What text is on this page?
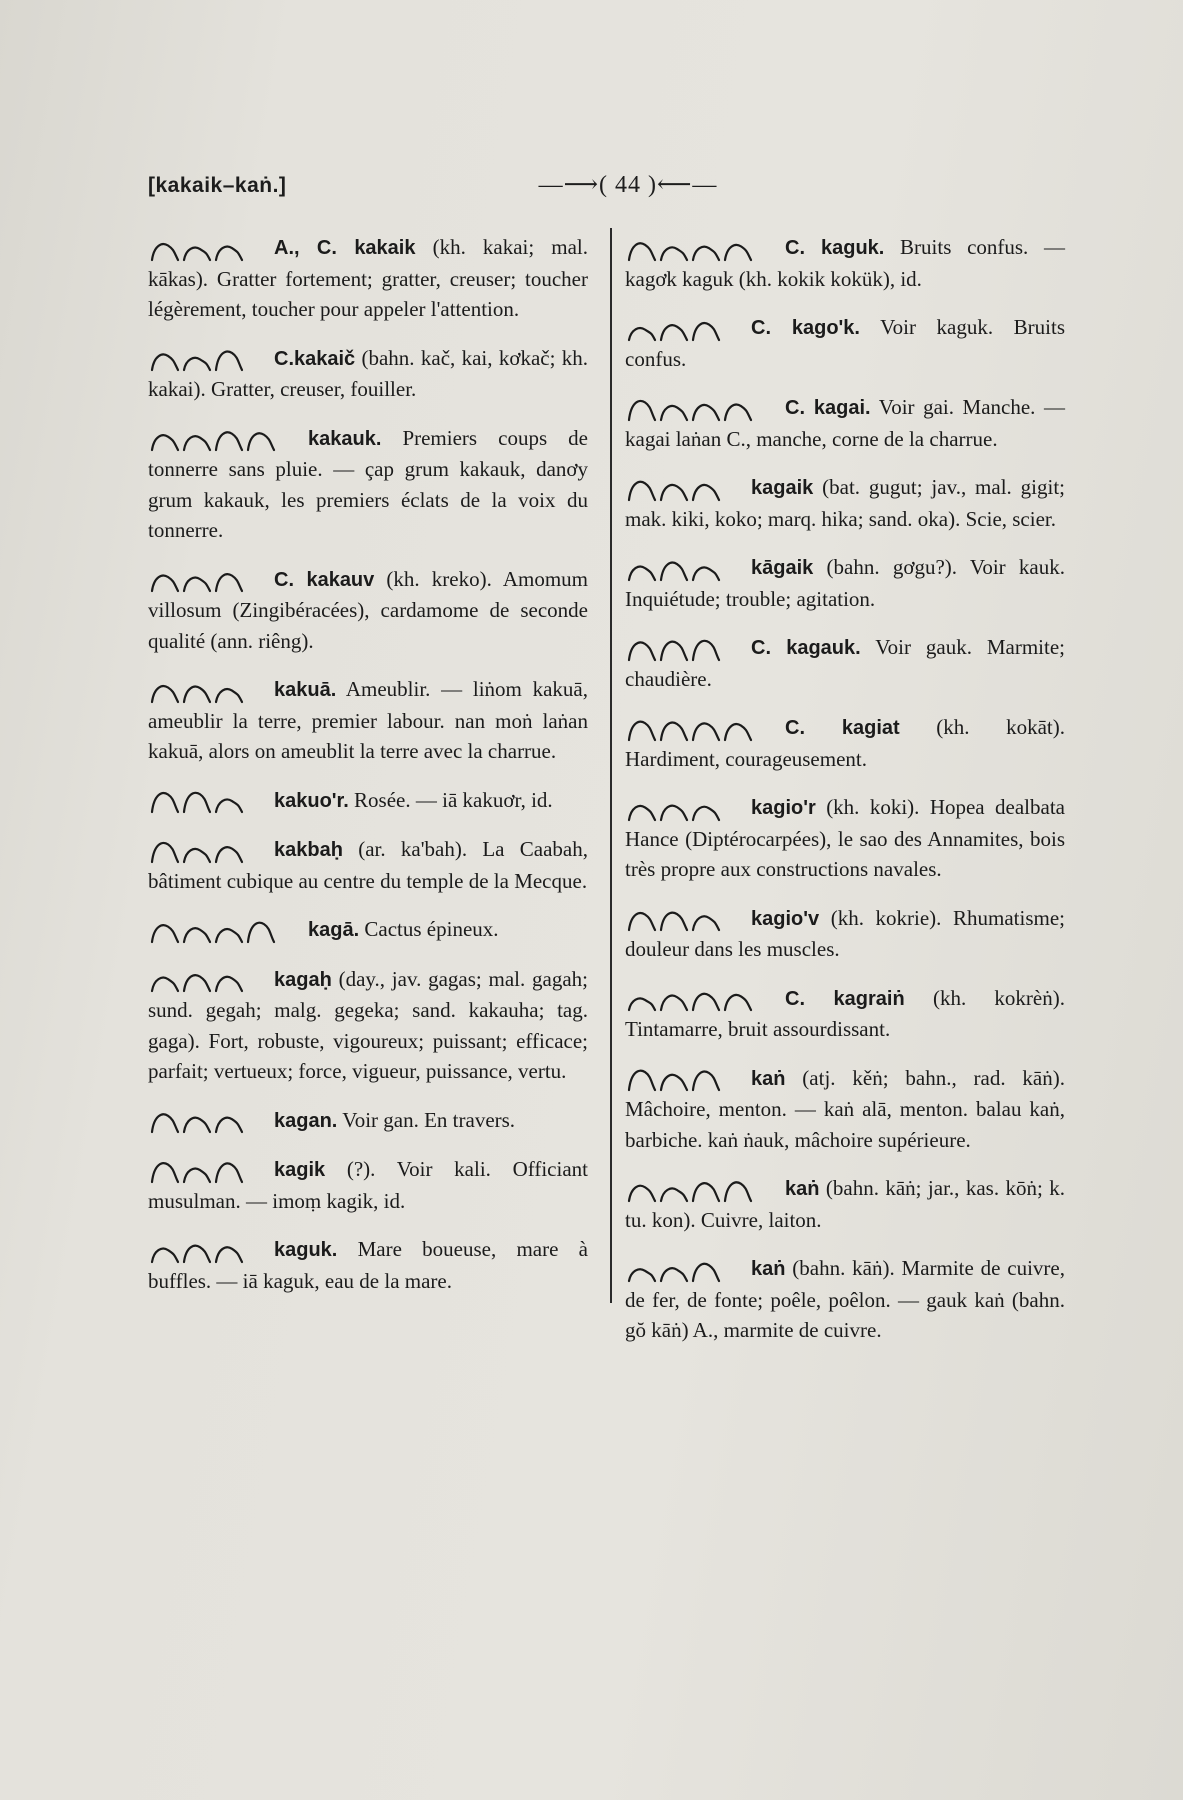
[kakaik–kaṅ.]	—⟶( 44 )⟵—
A., C. kakaik (kh. kakai; mal. kākas). Gratter fortement; gratter, creuser; toucher légèrement, toucher pour appeler l'attention.
C.kakaič (bahn. kač, kai, kơkač; kh. kakai). Gratter, creuser, fouiller.
kakauk. Premiers coups de tonnerre sans pluie. — çap grum kakauk, danơy grum kakauk, les premiers éclats de la voix du tonnerre.
C. kakauv (kh. kreko). Amomum villosum (Zingibéracées), cardamome de seconde qualité (ann. riêng).
kakuā. Ameublir. — liṅom kakuā, ameublir la terre, premier labour. nan moṅ laṅan kakuā, alors on ameublit la terre avec la charrue.
kakuo'r. Rosée. — iā kakuơr, id.
kakbaḥ (ar. ka'bah). La Caabah, bâtiment cubique au centre du temple de la Mecque.
kagā. Cactus épineux.
kagaḥ (day., jav. gagas; mal. gagah; sund. gegah; malg. gegeka; sand. kakauha; tag. gaga). Fort, robuste, vigoureux; puissant; efficace; parfait; vertueux; force, vigueur, puissance, vertu.
kagan. Voir gan. En travers.
kagik (?). Voir kali. Officiant musulman. — imoṃ kagik, id.
kaguk. Mare boueuse, mare à buffles. — iā kaguk, eau de la mare.
C. kaguk. Bruits confus. — kagơk kaguk (kh. kokik kokük), id.
C. kago'k. Voir kaguk. Bruits confus.
C. kagai. Voir gai. Manche. — kagai laṅan C., manche, corne de la charrue.
kagaik (bat. gugut; jav., mal. gigit; mak. kiki, koko; marq. hika; sand. oka). Scie, scier.
kāgaik (bahn. gơgu?). Voir kauk. Inquiétude; trouble; agitation.
C. kagauk. Voir gauk. Marmite; chaudière.
C. kagiat (kh. kokāt). Hardiment, courageusement.
kagio'r (kh. koki). Hopea dealbata Hance (Diptérocarpées), le sao des Annamites, bois très propre aux constructions navales.
kagio'v (kh. kokrie). Rhumatisme; douleur dans les muscles.
C. kagraiṅ (kh. kokrèṅ). Tintamarre, bruit assourdissant.
kaṅ (atj. kěṅ; bahn., rad. kāṅ). Mâchoire, menton. — kaṅ alā, menton. balau kaṅ, barbiche. kaṅ ṅauk, mâchoire supérieure.
kaṅ (bahn. kāṅ; jar., kas. kōṅ; k. tu. kon). Cuivre, laiton.
kaṅ (bahn. kāṅ). Marmite de cuivre, de fer, de fonte; poêle, poêlon. — gauk kaṅ (bahn. gŏ kāṅ) A., marmite de cuivre.
